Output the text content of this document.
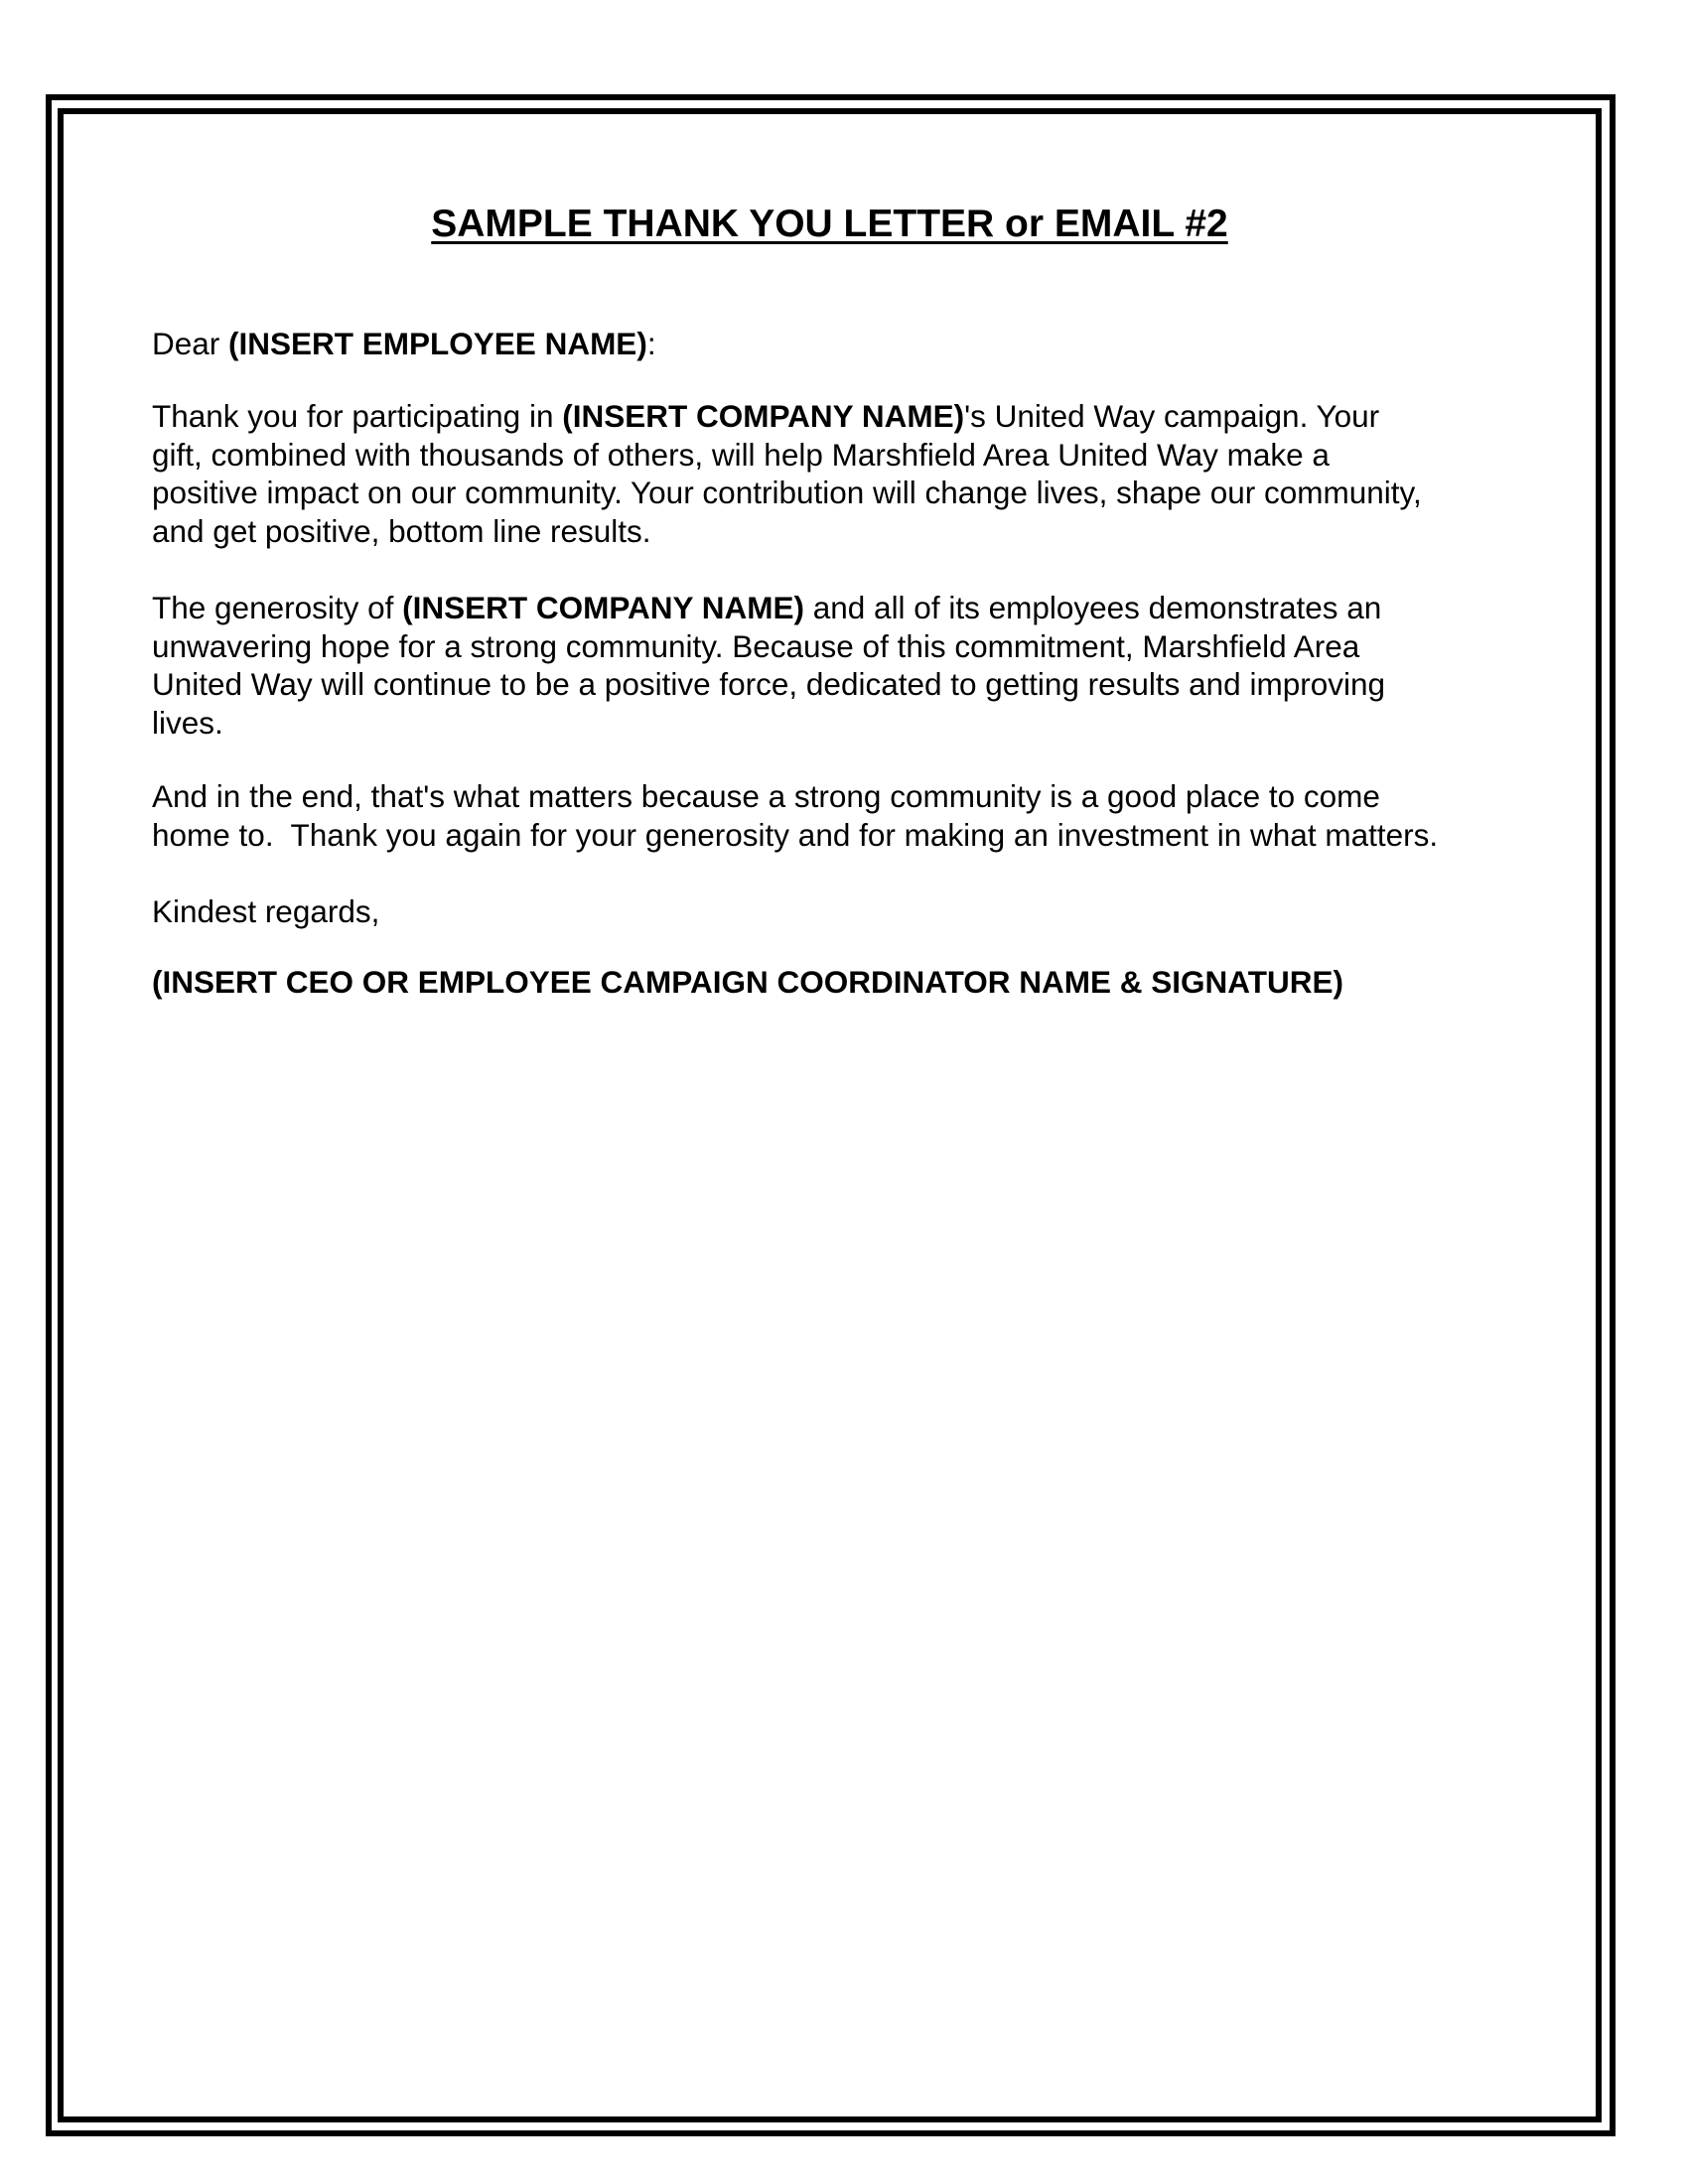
SAMPLE THANK YOU LETTER or EMAIL #2

Dear (INSERT EMPLOYEE NAME):

Thank you for participating in (INSERT COMPANY NAME)'s United Way campaign. Your
gift, combined with thousands of others, will help Marshfield Area United Way make a
positive impact on our community. Your contribution will change lives, shape our community,
and get positive, bottom line results.

The generosity of (INSERT COMPANY NAME) and all of its employees demonstrates an
unwavering hope for a strong community. Because of this commitment, Marshfield Area
United Way will continue to be a positive force, dedicated to getting results and improving
lives.

And in the end, that's what matters because a strong community is a good place to come
home to.  Thank you again for your generosity and for making an investment in what matters.

Kindest regards,

(INSERT CEO OR EMPLOYEE CAMPAIGN COORDINATOR NAME & SIGNATURE)
